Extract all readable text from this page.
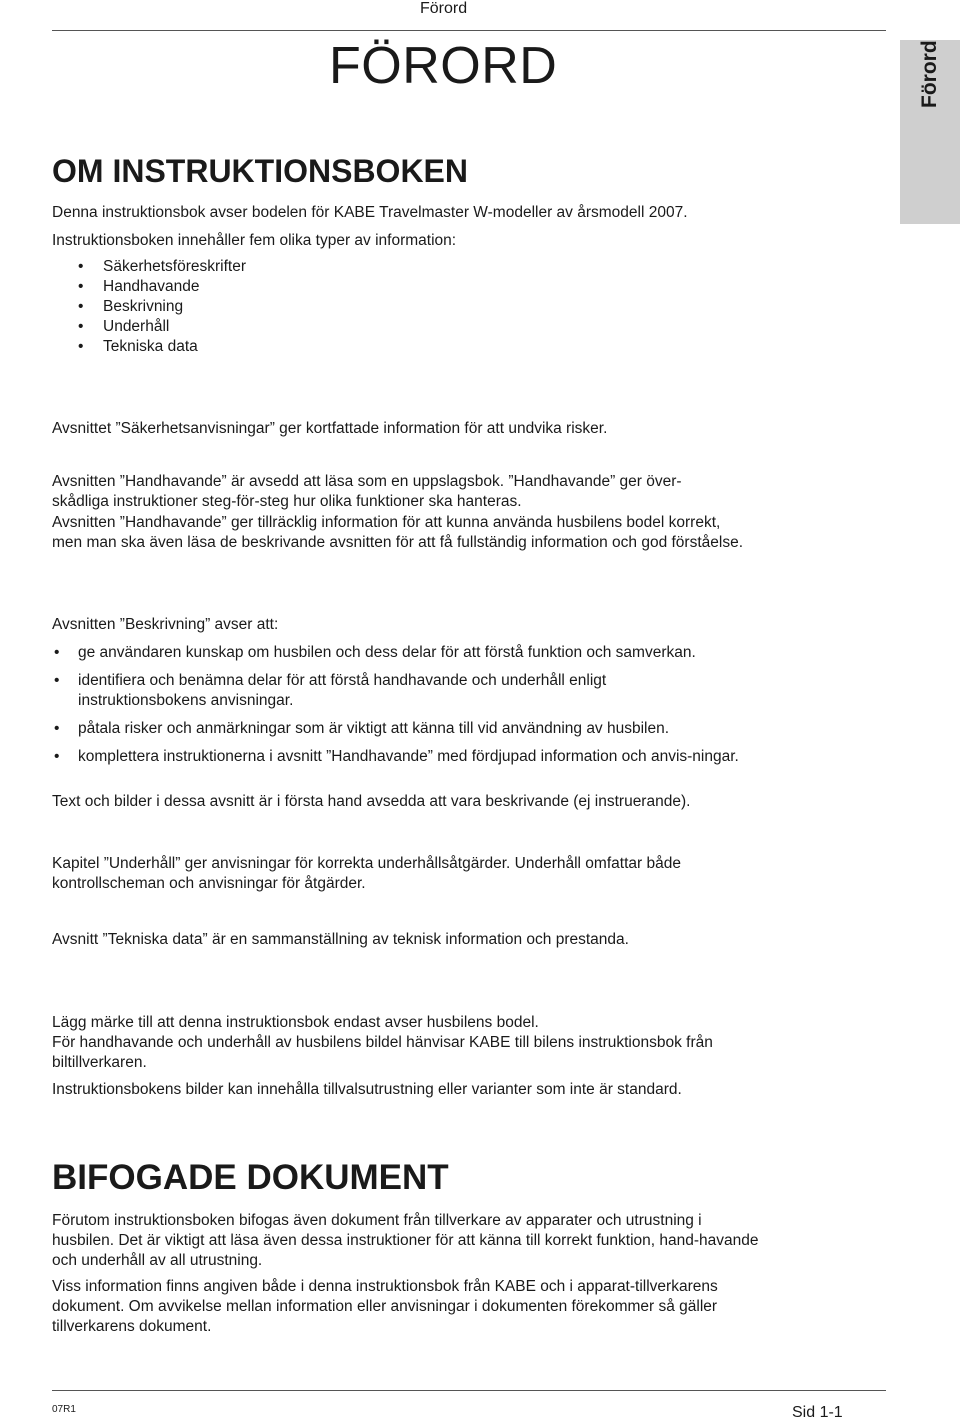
Förord
FÖRORD	Förord
OM INSTRUKTIONSBOKEN
Denna instruktionsbok avser bodelen för KABE Travelmaster W-modeller av årsmodell 2007.
Instruktionsboken innehåller fem olika typer av information:
• Säkerhetsföreskrifter
• Handhavande
• Beskrivning
• Underhåll
• Tekniska data
Avsnittet ”Säkerhetsanvisningar” ger kortfattade information för att undvika risker.
Avsnitten ”Handhavande” är avsedd att läsa som en uppslagsbok. ”Handhavande” ger över-
skådliga instruktioner steg-för-steg hur olika funktioner ska hanteras.
Avsnitten ”Handhavande” ger tillräcklig information för att kunna använda husbilens bodel korrekt, men man ska även läsa de beskrivande avsnitten för att få fullständig information och god förståelse.
Avsnitten ”Beskrivning” avser att:
• ge användaren kunskap om husbilen och dess delar för att förstå funktion och samverkan.
• identifiera och benämna delar för att förstå handhavande och underhåll enligt instruktionsbokens anvisningar.
• påtala risker och anmärkningar som är viktigt att känna till vid användning av husbilen.
• komplettera instruktionerna i avsnitt ”Handhavande” med fördjupad information och anvis-ningar.
Text och bilder i dessa avsnitt är i första hand avsedda att vara beskrivande (ej instruerande).
Kapitel ”Underhåll” ger anvisningar för korrekta underhållsåtgärder. Underhåll omfattar både kontrollscheman och anvisningar för åtgärder.
Avsnitt ”Tekniska data” är en sammanställning av teknisk information och prestanda.
Lägg märke till att denna instruktionsbok endast avser husbilens bodel.
För handhavande och underhåll av husbilens bildel hänvisar KABE till bilens instruktionsbok från biltillverkaren.
Instruktionsbokens bilder kan innehålla tillvalsutrustning eller varianter som inte är standard.
BIFOGADE DOKUMENT
Förutom instruktionsboken bifogas även dokument från tillverkare av apparater och utrustning i husbilen. Det är viktigt att läsa även dessa instruktioner för att känna till korrekt funktion, hand-havande och underhåll av all utrustning.
Viss information finns angiven både i denna instruktionsbok från KABE och i apparat-tillverkarens dokument. Om avvikelse mellan information eller anvisningar i dokumenten förekommer så gäller tillverkarens dokument.
07R1	Sid 1-1
